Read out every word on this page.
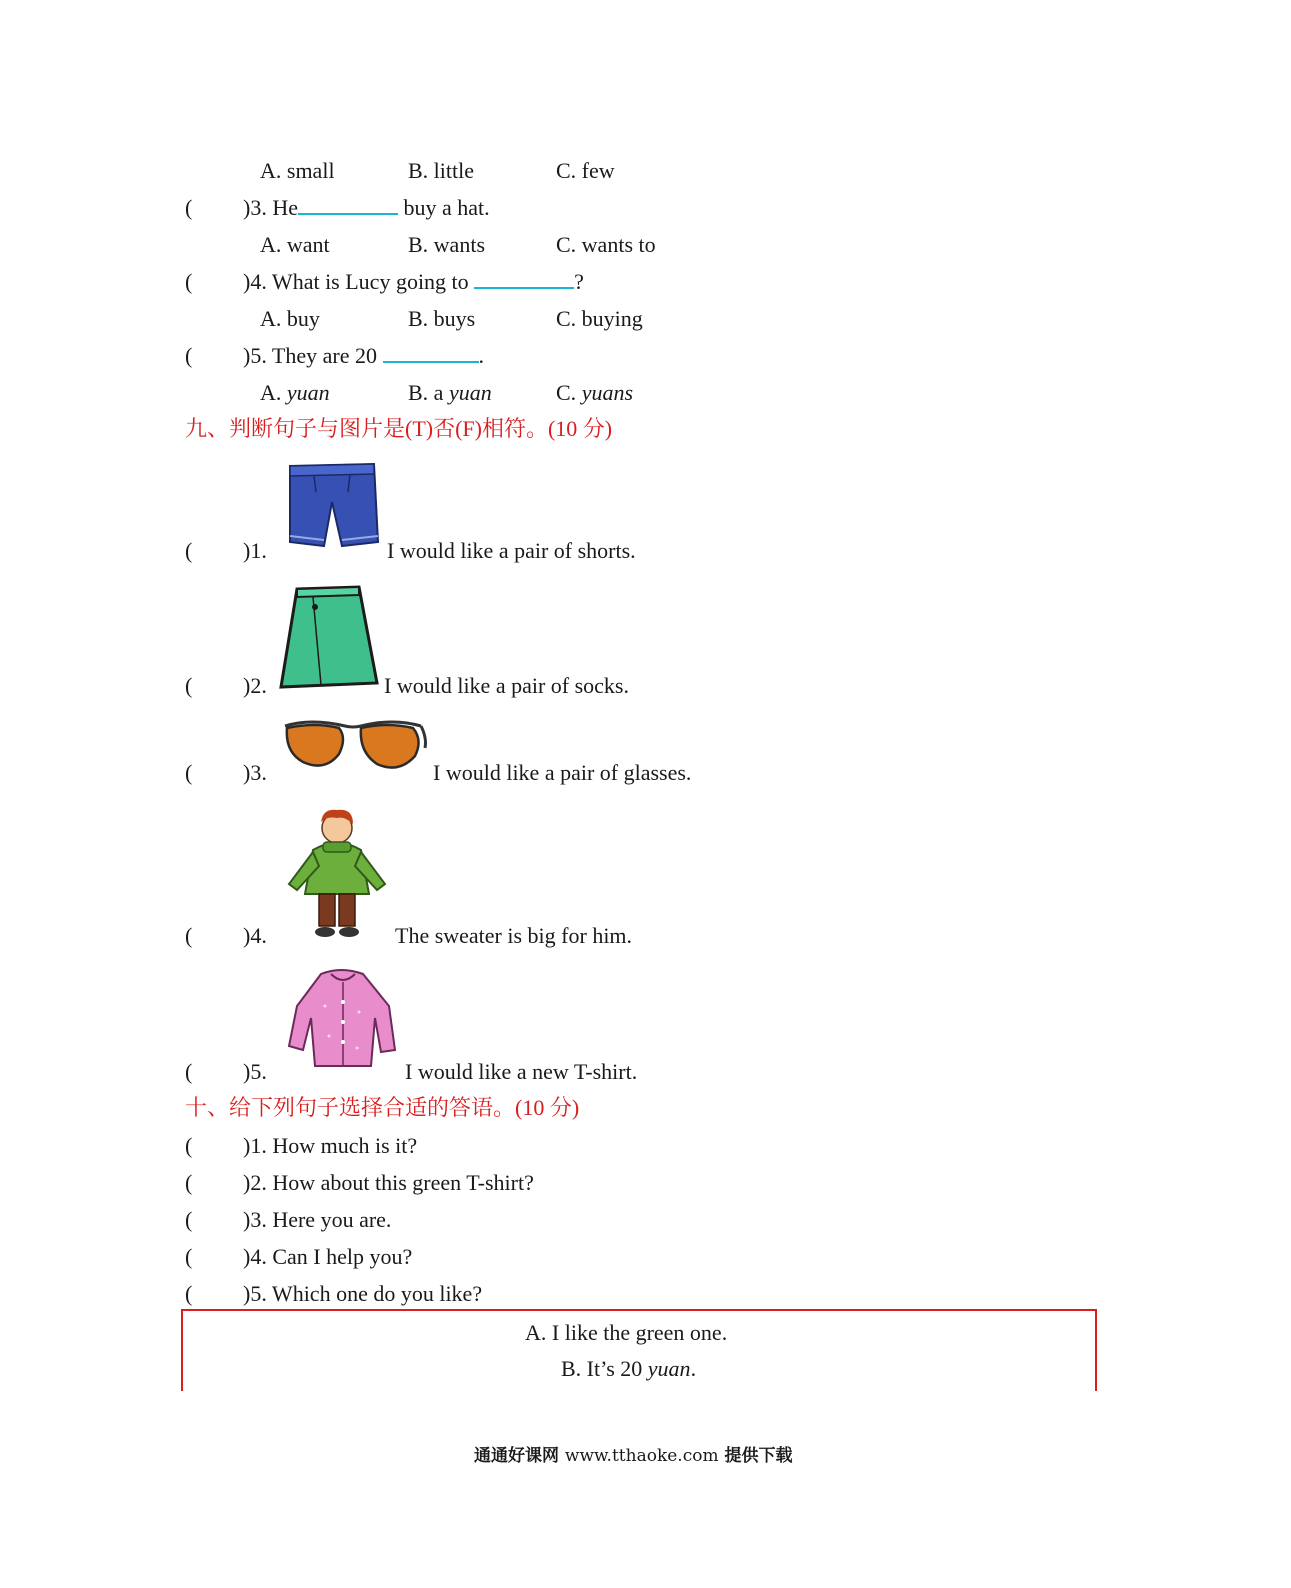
A. small	B. little	C. few
( )3. He	buy a hat.
A. want	B. wants	C. wants to
( )4. What is Lucy going to	?
A. buy	B. buys	C. buying
( )5. They are 20	.
A. yuan	B. a yuan	C. yuans
九、判断句子与图片是(T)否(F)相符。(10 分)
( )1.	I would like a pair of shorts.
( )2.	I would like a pair of socks.
( )3.	I would like a pair of glasses.
( )4.	The sweater is big for him.
( )5.	I would like a new T-shirt.
十、给下列句子选择合适的答语。(10 分)
( )1. How much is it?
( )2. How about this green T-shirt?
( )3. Here you are.
( )4. Can I help you?
( )5. Which one do you like?
A. I like the green one.
B. It’s 20 yuan.
通通好课网 www.tthaoke.com 提供下载
